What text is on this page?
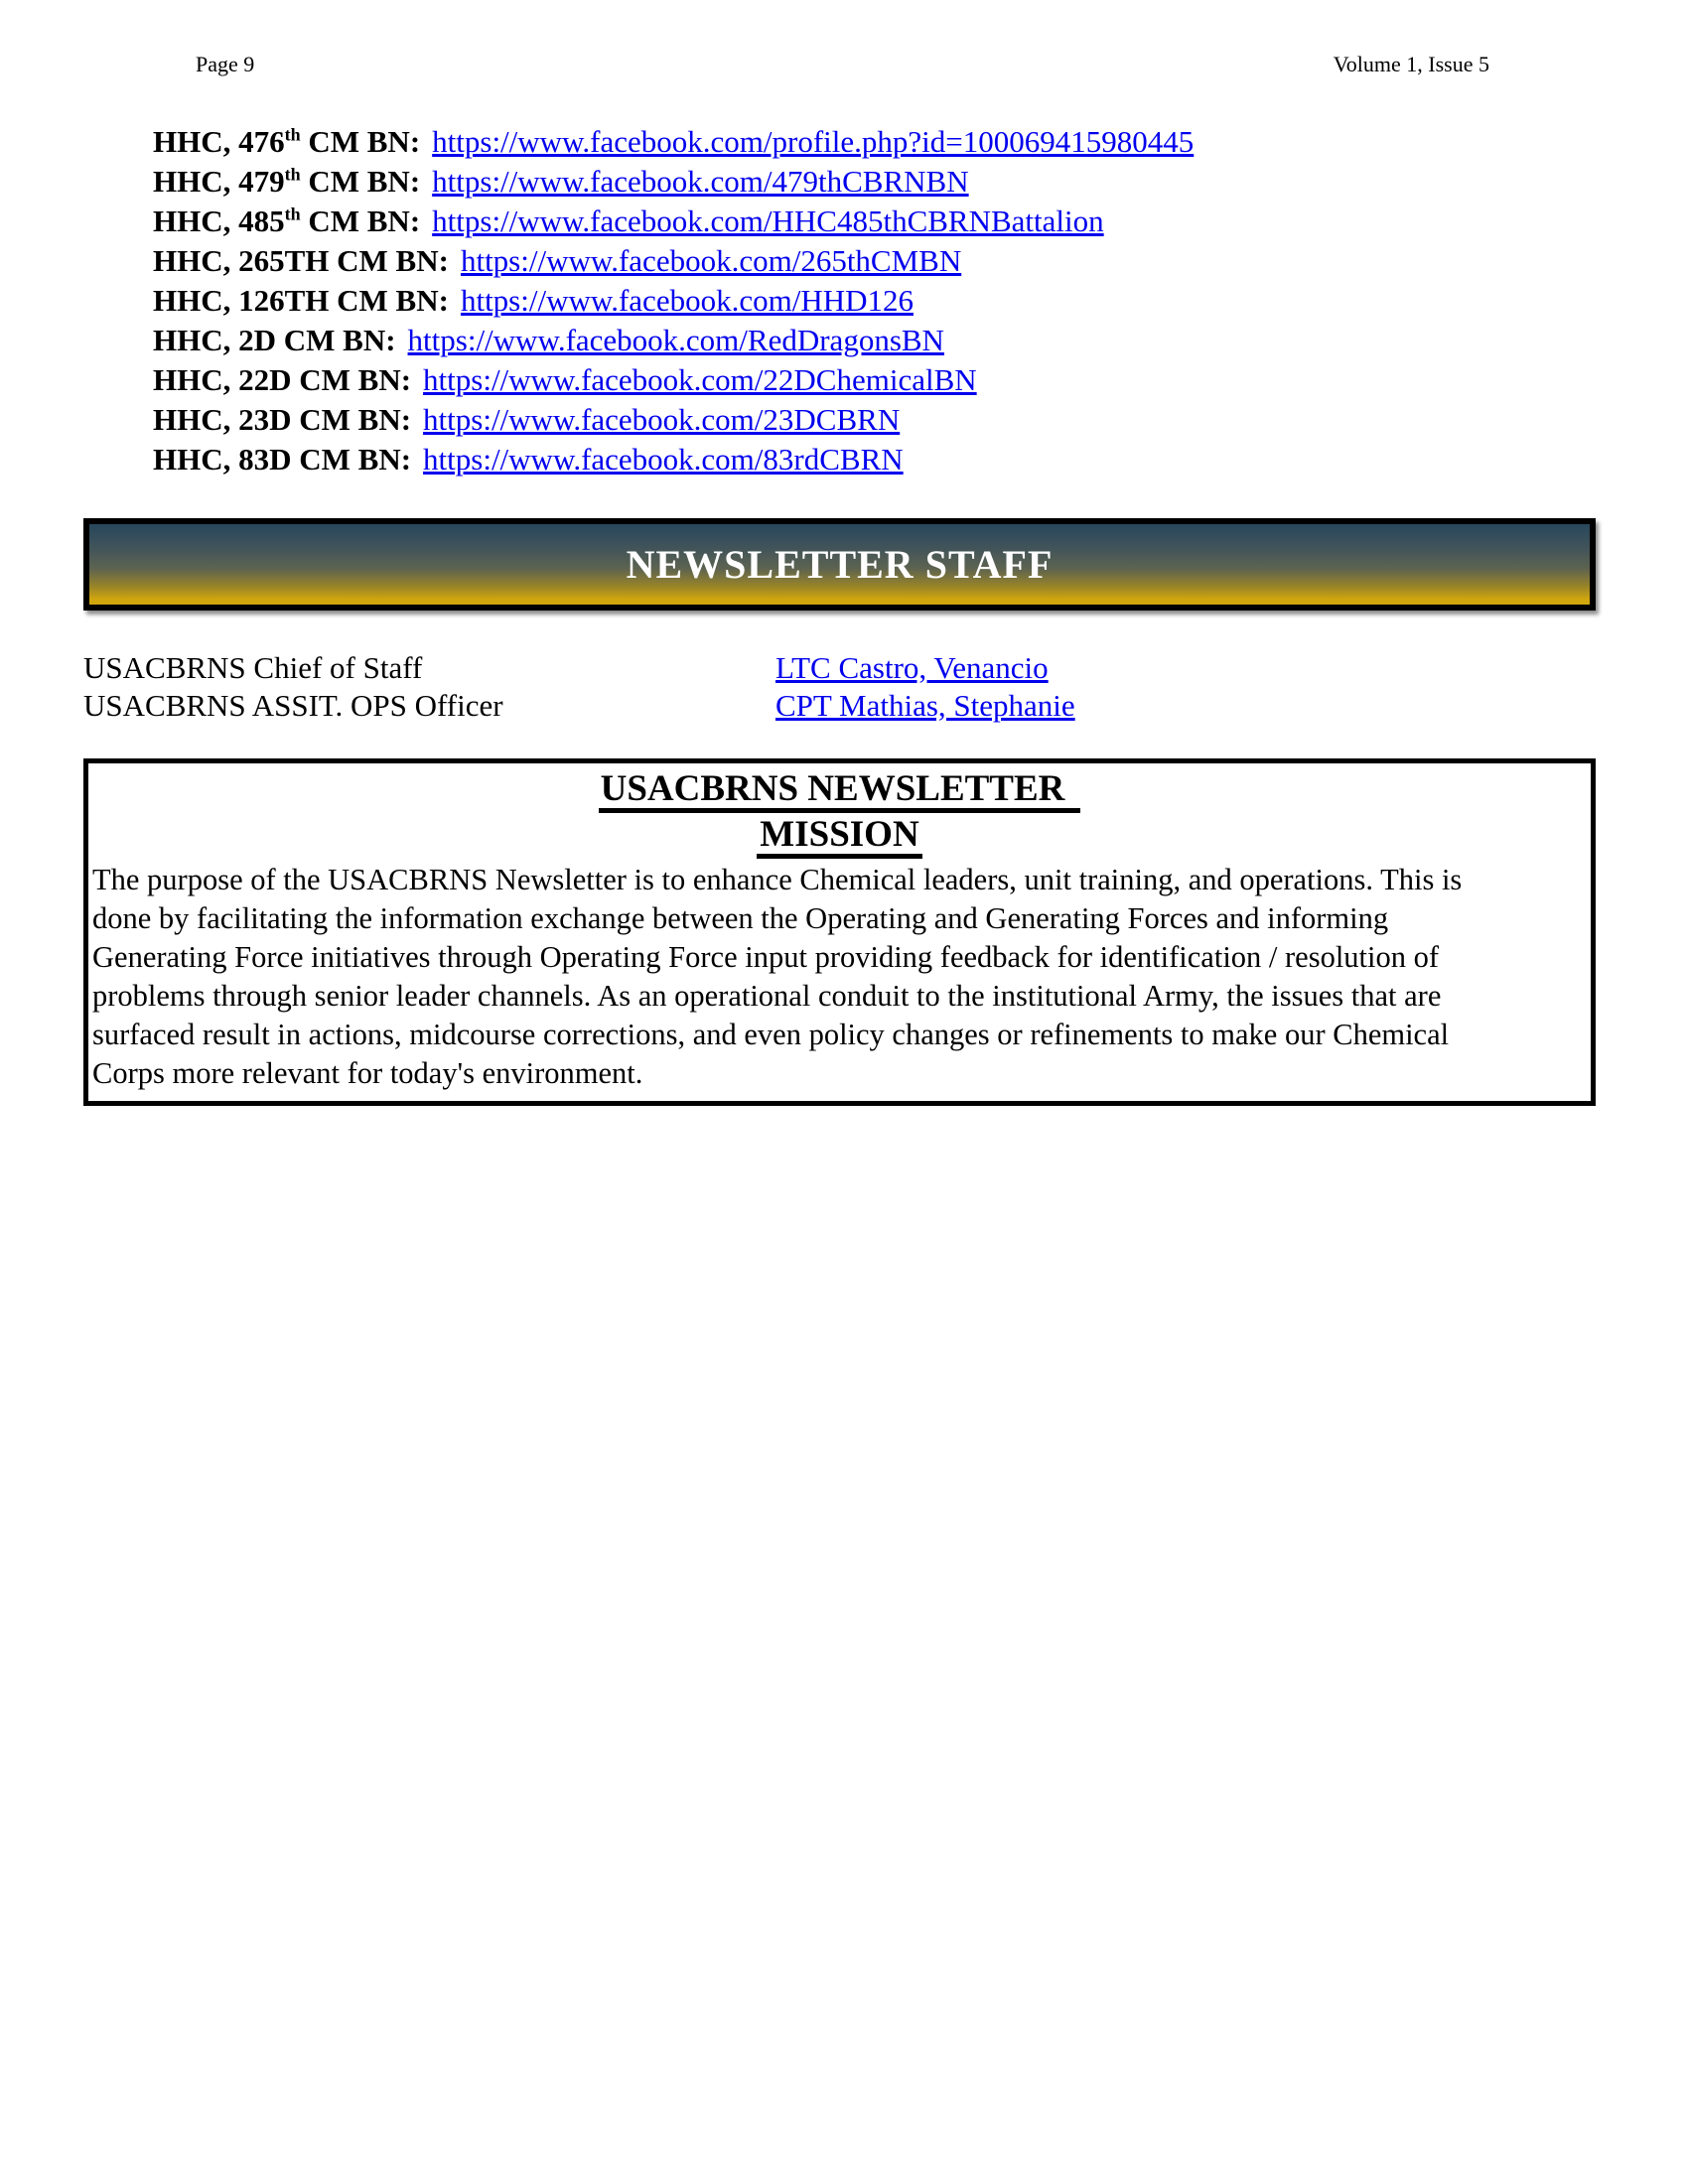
Page 9	Volume 1, Issue 5
HHC, 476th CM BN: https://www.facebook.com/profile.php?id=100069415980445
HHC, 479th CM BN: https://www.facebook.com/479thCBRNBN
HHC, 485th CM BN: https://www.facebook.com/HHC485thCBRNBattalion
HHC, 265TH CM BN: https://www.facebook.com/265thCMBN
HHC, 126TH CM BN: https://www.facebook.com/HHD126
HHC, 2D CM BN: https://www.facebook.com/RedDragonsBN
HHC, 22D CM BN: https://www.facebook.com/22DChemicalBN
HHC, 23D CM BN: https://www.facebook.com/23DCBRN
HHC, 83D CM BN: https://www.facebook.com/83rdCBRN
NEWSLETTER STAFF
USACBRNS Chief of Staff	LTC Castro, Venancio
USACBRNS ASSIT. OPS Officer	CPT Mathias, Stephanie
USACBRNS NEWSLETTER
MISSION
The purpose of the USACBRNS Newsletter is to enhance Chemical leaders, unit training, and operations. This is
done by facilitating the information exchange between the Operating and Generating Forces and informing
Generating Force initiatives through Operating Force input providing feedback for identification / resolution of
problems through senior leader channels. As an operational conduit to the institutional Army, the issues that are
surfaced result in actions, midcourse corrections, and even policy changes or refinements to make our Chemical
Corps more relevant for today's environment.
